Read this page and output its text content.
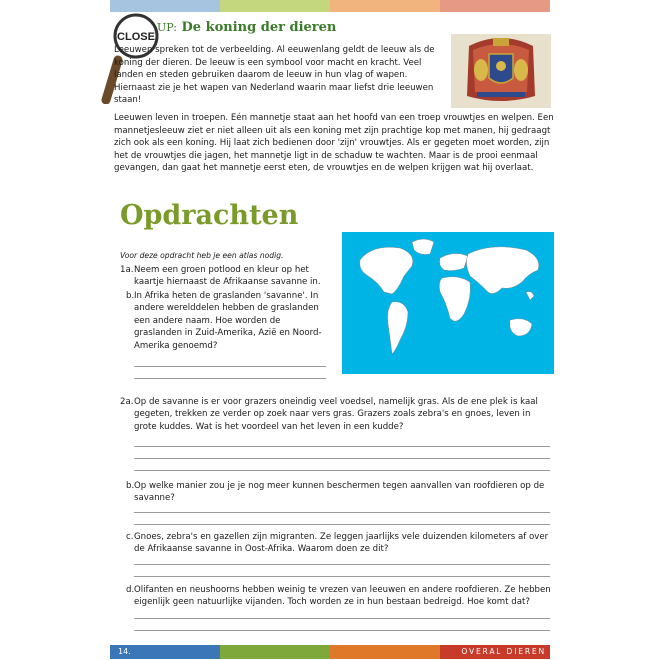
CLOSE
UP: De koning der dieren

Leeuwen spreken tot de verbeelding. Al eeuwenlang geldt de leeuw als de koning der dieren. De leeuw is een symbool voor macht en kracht. Veel landen en steden gebruiken daarom de leeuw in hun vlag of wapen. Hiernaast zie je het wapen van Nederland waarin maar liefst drie leeuwen staan!

Leeuwen leven in troepen. Eén mannetje staat aan het hoofd van een troep vrouwtjes en welpen. Een mannetjesleeuw ziet er niet alleen uit als een koning met zijn prachtige kop met manen, hij gedraagt zich ook als een koning. Hij laat zich bedienen door 'zijn' vrouwtjes. Als er gegeten moet worden, zijn het de vrouwtjes die jagen, het mannetje ligt in de schaduw te wachten. Maar is de prooi eenmaal gevangen, dan gaat het mannetje eerst eten, de vrouwtjes en de welpen krijgen wat hij overlaat.

Opdrachten
Voor deze opdracht heb je een atlas nodig.
1a. Neem een groen potlood en kleur op het kaartje hiernaast de Afrikaanse savanne in.
b. In Afrika heten de graslanden 'savanne'. In andere werelddelen hebben de graslanden een andere naam. Hoe worden de graslanden in Zuid-Amerika, Azië en Noord-Amerika genoemd?
2a. Op de savanne is er voor grazers oneindig veel voedsel, namelijk gras. Als de ene plek is kaal gegeten, trekken ze verder op zoek naar vers gras. Grazers zoals zebra's en gnoes, leven in grote kuddes. Wat is het voordeel van het leven in een kudde?
b. Op welke manier zou je je nog meer kunnen beschermen tegen aanvallen van roofdieren op de savanne?
c. Gnoes, zebra's en gazellen zijn migranten. Ze leggen jaarlijks vele duizenden kilometers af over de Afrikaanse savanne in Oost-Afrika. Waarom doen ze dit?
d. Olifanten en neushoorns hebben weinig te vrezen van leeuwen en andere roofdieren. Ze hebben eigenlijk geen natuurlijke vijanden. Toch worden ze in hun bestaan bedreigd. Hoe komt dat?
14.	OVERAL DIEREN
